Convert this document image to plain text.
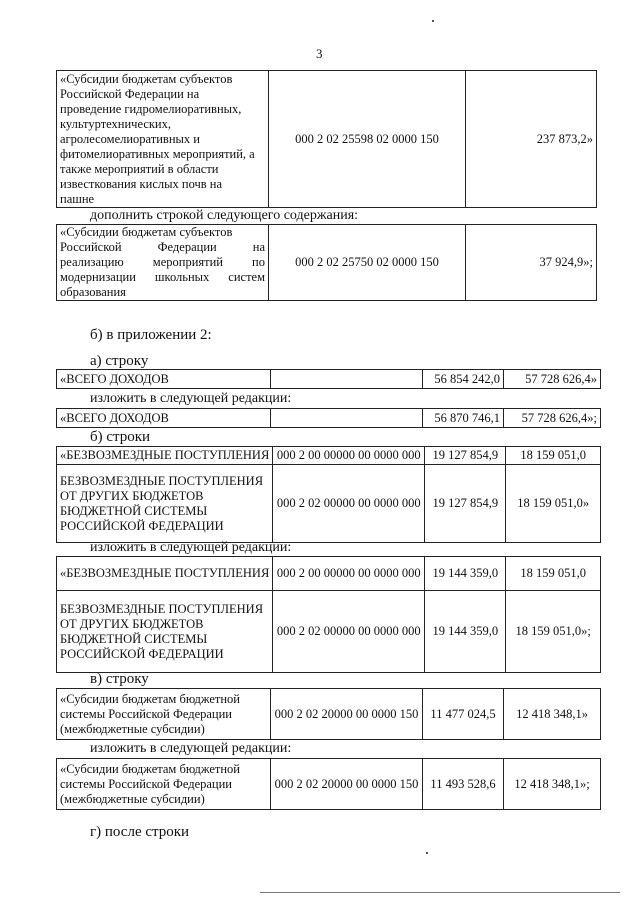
3
«Субсидии бюджетам субъектов
Российской Федерации на
проведение гидромелиоративных,
культуртехнических,
агролесомелиоративных и
фитомелиоративных мероприятий, а
также мероприятий в области
известкования кислых почв на
пашне
	000 2 02 25598 02 0000 150	237 873,2»
дополнить строкой следующего содержания:
«Субсидии бюджетам субъектов
Российской Федерации на
реализацию мероприятий по
модернизации школьных систем
образования
	000 2 02 25750 02 0000 150	37 924,9»;
б) в приложении 2:
а) строку
«ВСЕГО ДОХОДОВ		56 854 242,0	57 728 626,4»
изложить в следующей редакции:
«ВСЕГО ДОХОДОВ		56 870 746,1	57 728 626,4»;
б) строки
«БЕЗВОЗМЕЗДНЫЕ ПОСТУПЛЕНИЯ	000 2 00 00000 00 0000 000	19 127 854,9	18 159 051,0

БЕЗВОЗМЕЗДНЫЕ ПОСТУПЛЕНИЯ
ОТ ДРУГИХ БЮДЖЕТОВ
БЮДЖЕТНОЙ СИСТЕМЫ
РОССИЙСКОЙ ФЕДЕРАЦИИ	000 2 02 00000 00 0000 000	19 127 854,9	18 159 051,0»
изложить в следующей редакции:
«БЕЗВОЗМЕЗДНЫЕ ПОСТУПЛЕНИЯ	000 2 00 00000 00 0000 000	19 144 359,0	18 159 051,0

БЕЗВОЗМЕЗДНЫЕ ПОСТУПЛЕНИЯ
ОТ ДРУГИХ БЮДЖЕТОВ
БЮДЖЕТНОЙ СИСТЕМЫ
РОССИЙСКОЙ ФЕДЕРАЦИИ	000 2 02 00000 00 0000 000	19 144 359,0	18 159 051,0»;
в) строку
«Субсидии бюджетам бюджетной
системы Российской Федерации
(межбюджетные субсидии)
	000 2 02 20000 00 0000 150	11 477 024,5	12 418 348,1»
изложить в следующей редакции:
«Субсидии бюджетам бюджетной
системы Российской Федерации
(межбюджетные субсидии)
	000 2 02 20000 00 0000 150	11 493 528,6	12 418 348,1»;
г) после строки
